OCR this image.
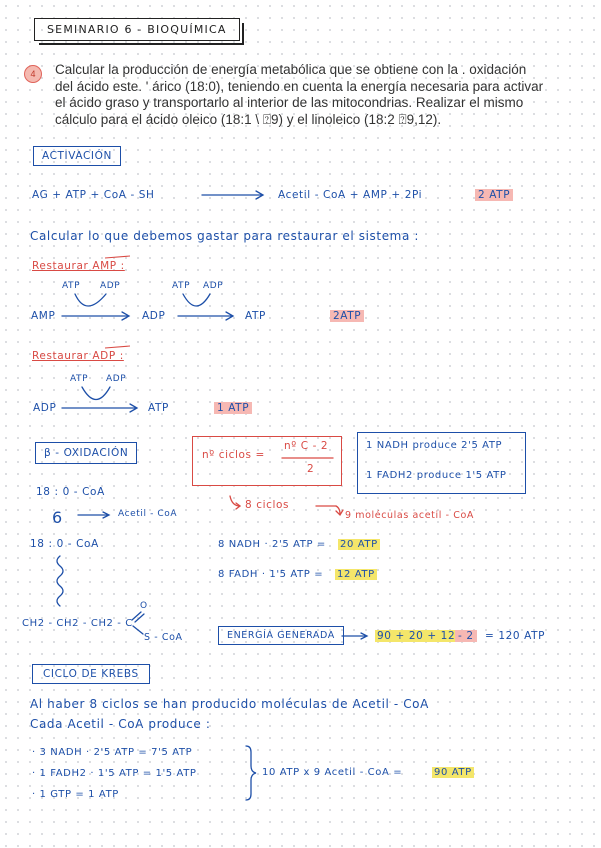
SEMINARIO 6 - BIOQUÍMICA
4	Calcular la producción de energía metabólica que se obtiene con la . oxidación
del ácido este. ' árico (18:0), teniendo en cuenta la energía necesaria para activar
el ácido graso y transportarlo al interior de las mitocondrias. Realizar el mismo
cálculo para el ácido oleico (18:1 \ ⍰9) y el linoleico (18:2 ⍰9,12).
ACTIVACIÓN
AG + ATP + CoA - SH	Acetil - CoA + AMP + 2Pi	2 ATP
Calcular lo que debemos gastar para restaurar el sistema :
Restaurar AMP :
ATP ADP	ATP ADP
AMP	ADP	ATP	2ATP
Restaurar ADP :
ATP ADP
ADP	ATP	1 ATP
β - OXIDACIÓN	nº ciclos =
nº C - 2
2
1 NADH produce 2'5 ATP
1 FADH2 produce 1'5 ATP
18 : 0 - CoA
6	Acetil - CoA
18 : 0 - CoA
8 ciclos
9 moléculas acetil - CoA
8 NADH · 2'5 ATP = 20 ATP
8 FADH · 1'5 ATP = 12 ATP
CH2 - CH2 - CH2 - C
O
S - CoA	ENERGÍA GENERADA	90 + 20 + 12 - 2 = 120 ATP
CICLO DE KREBS
Al haber 8 ciclos se han producido moléculas de Acetil - CoA
Cada Acetil - CoA produce :
· 3 NADH · 2'5 ATP = 7'5 ATP
· 1 FADH2 · 1'5 ATP = 1'5 ATP
· 1 GTP = 1 ATP
10 ATP x 9 Acetil - CoA =	90 ATP
